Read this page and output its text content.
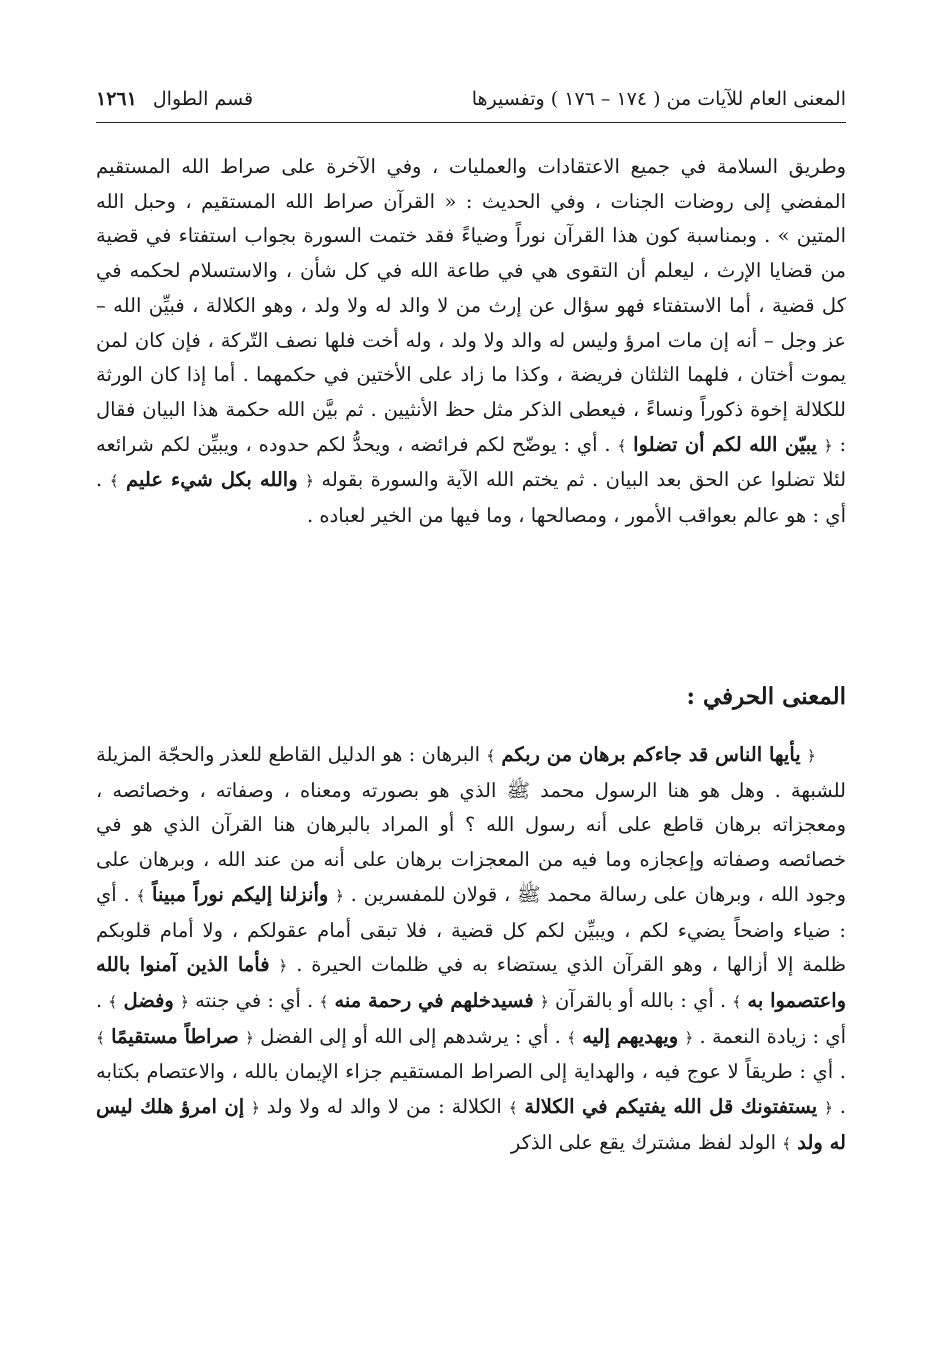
المعنى العام للآيات من ( ١٧٤ – ١٧٦ ) وتفسيرها
قسم الطوال ١٢٦١
وطريق السلامة في جميع الاعتقادات والعمليات ، وفي الآخرة على صراط الله المستقيم المفضي إلى روضات الجنات ، وفي الحديث : « القرآن صراط الله المستقيم ، وحبل الله المتين » . وبمناسبة كون هذا القرآن نوراً وضياءً فقد ختمت السورة بجواب استفتاء في قضية من قضايا الإرث ، ليعلم أن التقوى هي في طاعة الله في كل شأن ، والاستسلام لحكمه في كل قضية ، أما الاستفتاء فهو سؤال عن إرث من لا والد له ولا ولد ، وهو الكلالة ، فبيِّن الله – عز وجل – أنه إن مات امرؤ وليس له والد ولا ولد ، وله أخت فلها نصف التّركة ، فإن كان لمن يموت أختان ، فلهما الثلثان فريضة ، وكذا ما زاد على الأختين في حكمهما . أما إذا كان الورثة للكلالة إخوة ذكوراً ونساءً ، فيعطى الذكر مثل حظ الأنثيين . ثم بيَّن الله حكمة هذا البيان فقال : ﴿ يبيّن الله لكم أن تضلوا ﴾ . أي : يوضّح لكم فرائضه ، ويحدُّ لكم حدوده ، ويبيِّن لكم شرائعه لئلا تضلوا عن الحق بعد البيان . ثم يختم الله الآية والسورة بقوله ﴿ والله بكل شيء عليم ﴾ . أي : هو عالم بعواقب الأمور ، ومصالحها ، وما فيها من الخير لعباده .
المعنى الحرفي :
﴿ يأيها الناس قد جاءكم برهان من ربكم ﴾ البرهان : هو الدليل القاطع للعذر والحجّة المزيلة للشبهة . وهل هو هنا الرسول محمد ﷺ الذي هو بصورته ومعناه ، وصفاته ، وخصائصه ، ومعجزاته برهان قاطع على أنه رسول الله ؟ أو المراد بالبرهان هنا القرآن الذي هو في خصائصه وصفاته وإعجازه وما فيه من المعجزات برهان على أنه من عند الله ، وبرهان على وجود الله ، وبرهان على رسالة محمد ﷺ ، قولان للمفسرين . ﴿ وأنزلنا إليكم نوراً مبيناً ﴾ . أي : ضياء واضحاً يضيء لكم ، ويبيِّن لكم كل قضية ، فلا تبقى أمام عقولكم ، ولا أمام قلوبكم ظلمة إلا أزالها ، وهو القرآن الذي يستضاء به في ظلمات الحيرة . ﴿ فأما الذين آمنوا بالله واعتصموا به ﴾ . أي : بالله أو بالقرآن ﴿ فسيدخلهم في رحمة منه ﴾ . أي : في جنته ﴿ وفضل ﴾ . أي : زيادة النعمة . ﴿ ويهديهم إليه ﴾ . أي : يرشدهم إلى الله أو إلى الفضل ﴿ صراطاً مستقيمًا ﴾ . أي : طريقاً لا عوج فيه ، والهداية إلى الصراط المستقيم جزاء الإيمان بالله ، والاعتصام بكتابه . ﴿ يستفتونك قل الله يفتيكم في الكلالة ﴾ الكلالة : من لا والد له ولا ولد ﴿ إن امرؤ هلك ليس له ولد ﴾ الولد لفظ مشترك يقع على الذكر
